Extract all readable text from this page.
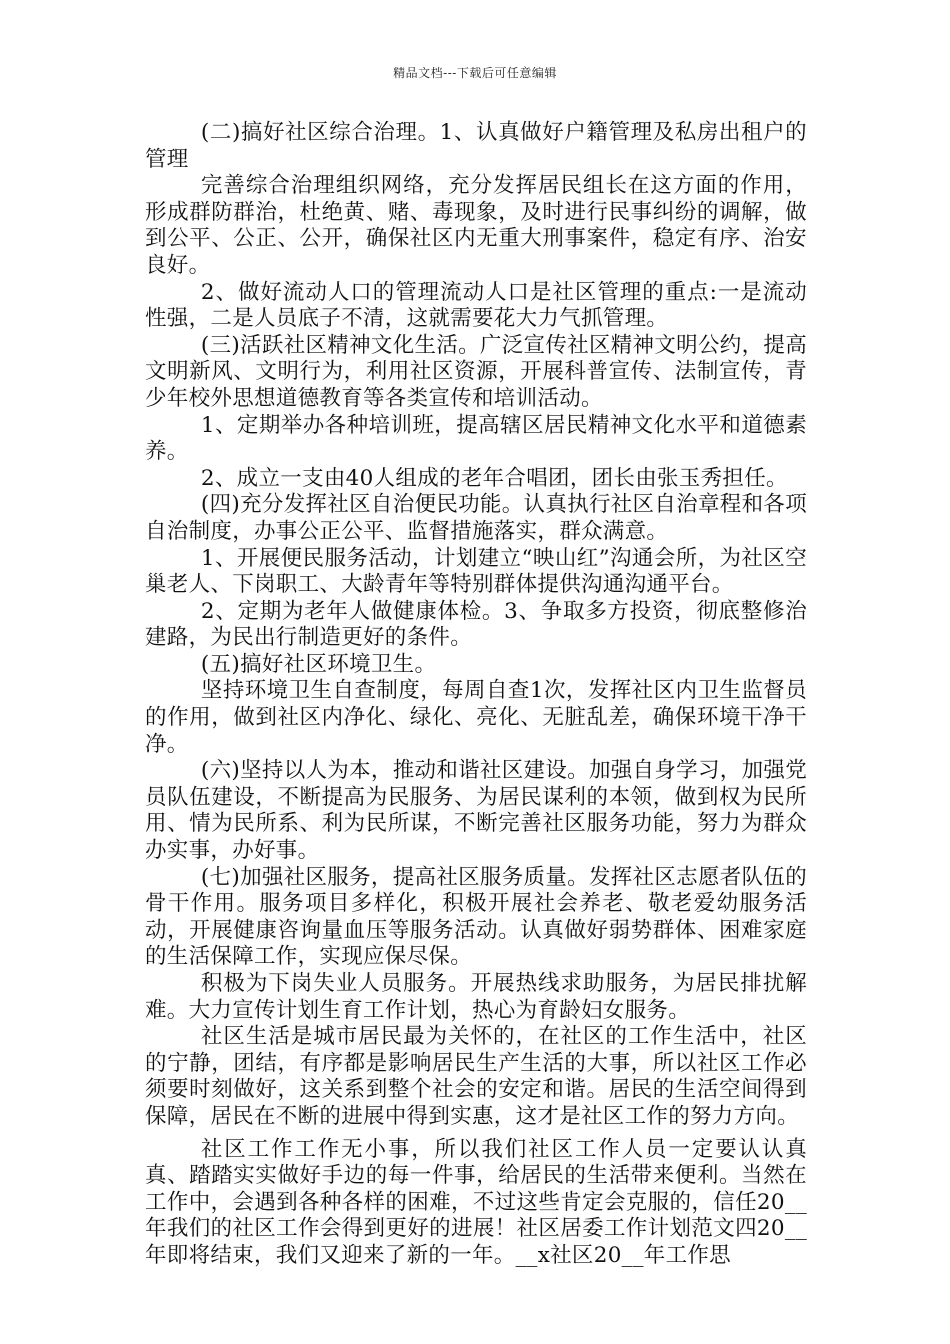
精品文档---下载后可任意编辑

(二)搞好社区综合治理。1、认真做好户籍管理及私房出租户的管理

完善综合治理组织网络，充分发挥居民组长在这方面的作用，形成群防群治，杜绝黄、赌、毒现象，及时进行民事纠纷的调解，做到公平、公正、公开，确保社区内无重大刑事案件，稳定有序、治安良好。

2、做好流动人口的管理流动人口是社区管理的重点:一是流动性强，二是人员底子不清，这就需要花大力气抓管理。

(三)活跃社区精神文化生活。广泛宣传社区精神文明公约，提高文明新风、文明行为，利用社区资源，开展科普宣传、法制宣传，青少年校外思想道德教育等各类宣传和培训活动。

1、定期举办各种培训班，提高辖区居民精神文化水平和道德素养。

2、成立一支由40人组成的老年合唱团，团长由张玉秀担任。

(四)充分发挥社区自治便民功能。认真执行社区自治章程和各项自治制度，办事公正公平、监督措施落实，群众满意。

1、开展便民服务活动，计划建立“映山红”沟通会所，为社区空巢老人、下岗职工、大龄青年等特别群体提供沟通沟通平台。

2、定期为老年人做健康体检。3、争取多方投资，彻底整修治建路，为民出行制造更好的条件。

(五)搞好社区环境卫生。

坚持环境卫生自查制度，每周自查1次，发挥社区内卫生监督员的作用，做到社区内净化、绿化、亮化、无脏乱差，确保环境干净干净。

(六)坚持以人为本，推动和谐社区建设。加强自身学习，加强党员队伍建设，不断提高为民服务、为居民谋利的本领，做到权为民所用、情为民所系、利为民所谋，不断完善社区服务功能，努力为群众办实事，办好事。

(七)加强社区服务，提高社区服务质量。发挥社区志愿者队伍的骨干作用。服务项目多样化，积极开展社会养老、敬老爱幼服务活动，开展健康咨询量血压等服务活动。认真做好弱势群体、困难家庭的生活保障工作，实现应保尽保。

积极为下岗失业人员服务。开展热线求助服务，为居民排扰解难。大力宣传计划生育工作计划，热心为育龄妇女服务。

社区生活是城市居民最为关怀的，在社区的工作生活中，社区的宁静，团结，有序都是影响居民生产生活的大事，所以社区工作必须要时刻做好，这关系到整个社会的安定和谐。居民的生活空间得到保障，居民在不断的进展中得到实惠，这才是社区工作的努力方向。

社区工作工作无小事，所以我们社区工作人员一定要认认真真、踏踏实实做好手边的每一件事，给居民的生活带来便利。当然在工作中，会遇到各种各样的困难，不过这些肯定会克服的，信任20__年我们的社区工作会得到更好的进展！社区居委工作计划范文四20__年即将结束，我们又迎来了新的一年。__x社区20__年工作思
